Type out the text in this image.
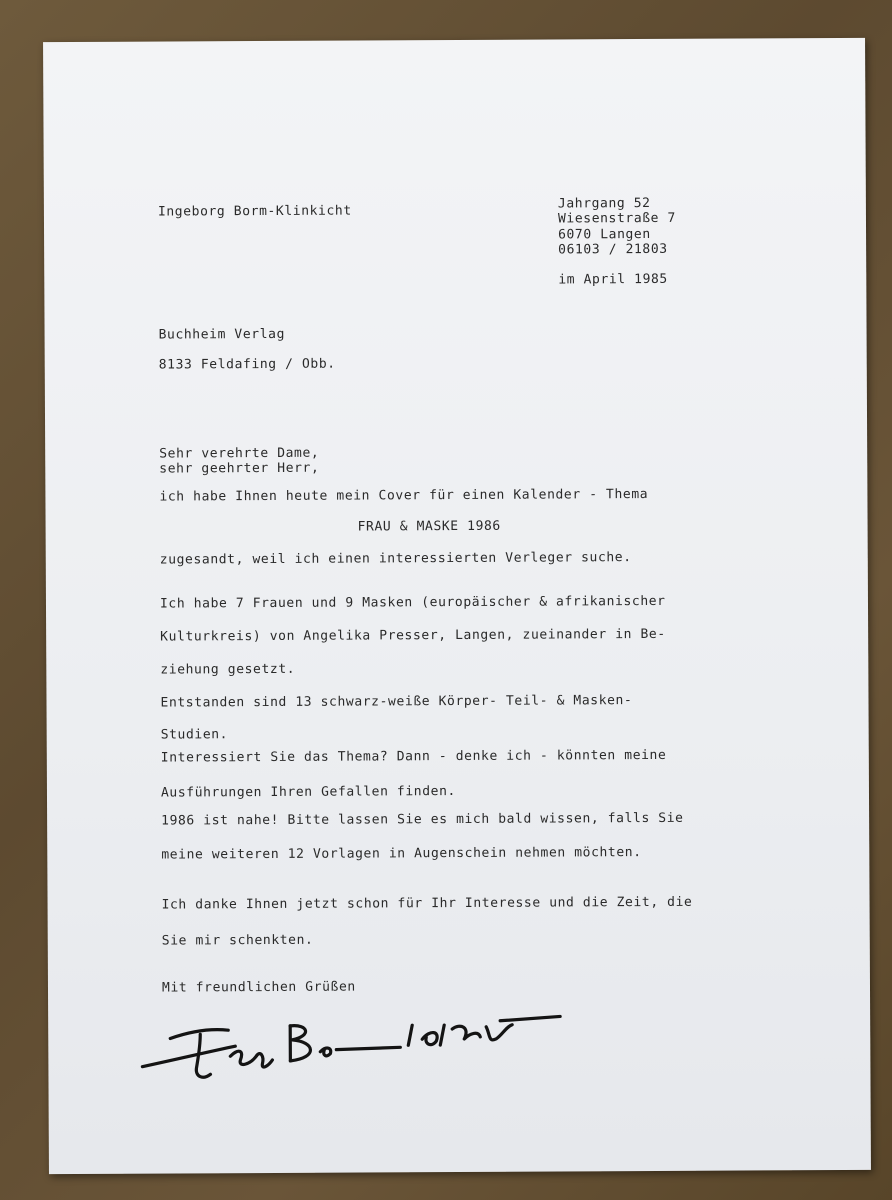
Ingeborg Borm-Klinkicht	Jahrgang 52
Wiesenstraße 7
6070 Langen
06103 / 21803
im April 1985
Buchheim Verlag
8133 Feldafing / Obb.
Sehr verehrte Dame,
sehr geehrter Herr,
ich habe Ihnen heute mein Cover für einen Kalender - Thema
FRAU & MASKE 1986
zugesandt, weil ich einen interessierten Verleger suche.
Ich habe 7 Frauen und 9 Masken (europäischer & afrikanischer
Kulturkreis) von Angelika Presser, Langen, zueinander in Be-
ziehung gesetzt.
Entstanden sind 13 schwarz-weiße Körper- Teil- & Masken-
Studien.
Interessiert Sie das Thema? Dann - denke ich - könnten meine
Ausführungen Ihren Gefallen finden.
1986 ist nahe! Bitte lassen Sie es mich bald wissen, falls Sie
meine weiteren 12 Vorlagen in Augenschein nehmen möchten.
Ich danke Ihnen jetzt schon für Ihr Interesse und die Zeit, die
Sie mir schenkten.
Mit freundlichen Grüßen
